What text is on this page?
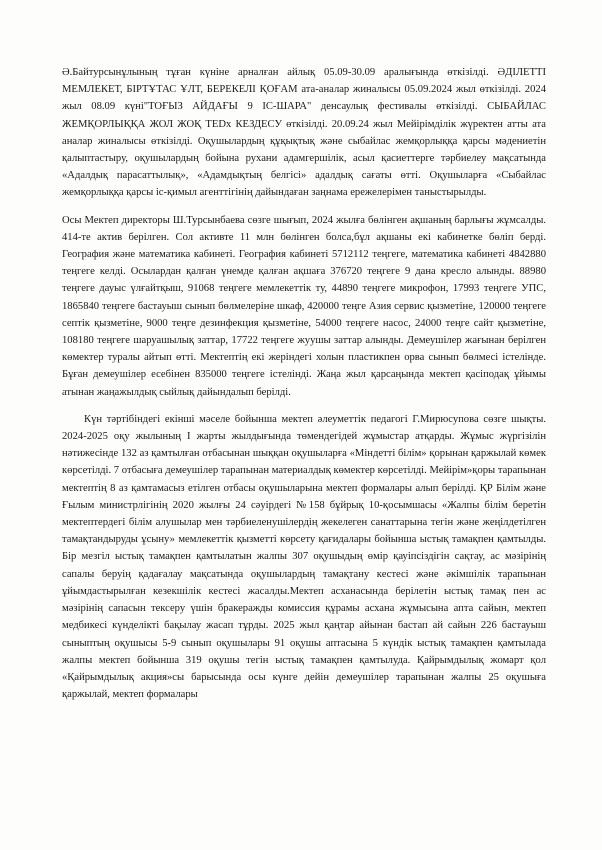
Ә.Байтурсынұлының тұған күніне арналған айлық 05.09-30.09 аралығында өткізілді. ӘДІЛЕТТІ МЕМЛЕКЕТ, БІРТҰТАС ҰЛТ, БЕРЕКЕЛІ ҚОҒАМ ата-аналар жиналысы 05.09.2024 жыл өткізілді. 2024 жыл 08.09 күні"ТОҒЫЗ АЙДАҒЫ 9 ІС-ШАРА" денсаулық фестивалы өткізілді. СЫБАЙЛАС ЖЕМҚОРЛЫҚҚА ЖОЛ ЖОҚ TEDx КЕЗДЕСУ өткізілді. 20.09.24 жыл Мейірімділік жүректен атты ата аналар жиналысы өткізілді. Оқушылардың құқықтық және сыбайлас жемқорлыққа қарсы мәдениетін қалыптастыру, оқушылардың бойына рухани адамгершілік, асыл қасиеттерге тәрбиелеу мақсатында «Адалдық парасаттылық», «Адамдықтың белгісі» адалдық сағаты өтті. Оқушыларға «Сыбайлас жемқорлыққа қарсы іс-қимыл агенттігінің дайындаған заңнама ережелерімен таныстырылды.

Осы Мектеп директоры Ш.Турсынбаева сөзге шығып, 2024 жылға бөлінген ақшаның барлығы жұмсалды. 414-те актив берілген. Сол активте 11 млн бөлінген болса,бұл ақшаны екі кабинетке бөліп берді. География және математика кабинеті. География кабинеті 5712112 теңгеге, математика кабинеті 4842880 теңгеге келді. Осылардан қалған үнемде қалған ақшаға 376720 теңгеге 9 дана кресло алынды. 88980 теңгеге дауыс үлғайтқыш, 91068 теңгеге мемлекеттік ту, 44890 теңгеге микрофон, 17993 теңгеге УПС, 1865840 теңгеге бастауыш сынып бөлмелеріне шкаф, 420000 теңге Азия сервис қызметіне, 120000 теңгеге септік қызметіне, 9000 теңге дезинфекция қызметіне, 54000 теңгеге насос, 24000 теңге сайт қызметіне, 108180 теңгеге шаруашылық заттар, 17722 теңгеге жуушы заттар алынды. Демеушілер жағынан берілген көмектер туралы айтып өтті. Мектептің екі жеріндегі холын пластикпен орва сынып бөлмесі істелінде. Бұған демеушілер есебінен 835000 теңгеге істелінді. Жаңа жыл қарсаңында мектеп қасіподақ ұйымы атынан жаңажылдық сыйлық дайындалып берілді.

Күн тәртібіндегі екінші мәселе бойынша мектеп әлеуметтік педагогі Г.Мирюсупова сөзге шықты. 2024-2025 оқу жылының I жарты жылдығында төмендегідей жұмыстар атқарды. Жұмыс жүргізілін нәтижесінде 132 аз қамтылған отбасынан шыққан оқушыларға «Міндетті білім» қорынан қаржылай көмек көрсетілді. 7 отбасыға демеушілер тарапынан материалдық көмектер көрсетілді. Мейірім»қоры тарапынан мектептің 8 аз қамтамасыз етілген отбасы оқушыларына мектеп формалары алып берілді. ҚР Білім және Ғылым министрлігінің 2020 жылғы 24 сәуірдегі №158 бұйрық 10-қосымшасы «Жалпы білім беретін мектептердегі білім алушылар мен тәрбиеленушілердің жекелеген санаттарына тегін және жеңілдетілген тамақтандыруды ұсыну» мемлекеттік қызметті көрсету қағидалары бойынша ыстық тамақпен қамтылды. Бір мезгіл ыстық тамақпен қамтылатын жалпы 307 оқушыдың өмір қауіпсіздігін сақтау, ас мәзірінің сапалы беруің қадағалау мақсатында оқушылардың тамақтану кестесі және әкімшілік тарапынан ұйымдастырылған кезекшілік кестесі жасалды.Мектеп асханасында берілетін ыстық тамақ пен ас мәзірінің сапасын тексеру үшін бракеражды комиссия құрамы асхана жұмысына апта сайын, мектеп медбикесі күнделікті бақылау жасап тұрды. 2025 жыл қаңтар айынан бастап ай сайын 226 бастауыш сыныптың оқушысы 5-9 сынып оқушылары 91 оқушы аптасына 5 күндік ыстық тамақпен қамтылада жалпы мектеп бойынша 319 оқушы тегін ыстық тамақпен қамтылуда. Қайрымдылық жомарт қол «Қайрымдылық акция»сы барысында осы күнге дейін демеушілер тарапынан жалпы 25 оқушыға қаржылай, мектеп формалары
